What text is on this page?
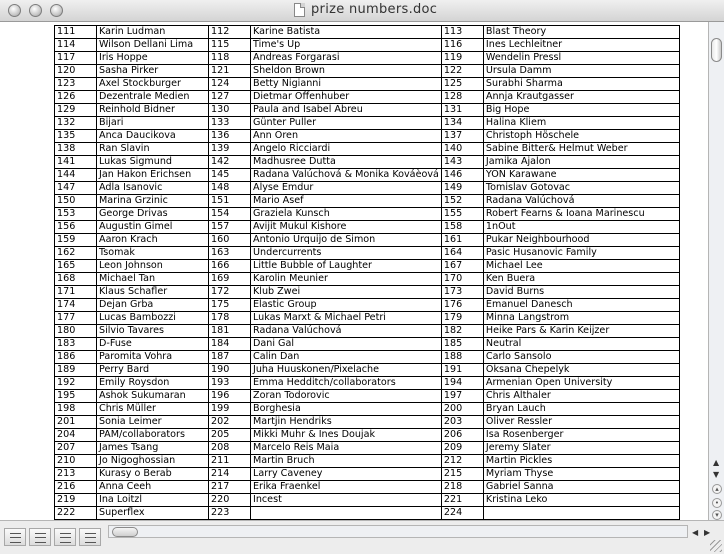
prize numbers.doc
111	Karin Ludman	112	Karine Batista	113	Blast Theory
114	Wilson Dellani Lima	115	Time's Up	116	Ines Lechleitner
117	Iris Hoppe	118	Andreas Forgarasi	119	Wendelin Pressl
120	Sasha Pirker	121	Sheldon Brown	122	Ursula Damm
123	Axel Stockburger	124	Betty Nigianni	125	Surabhi Sharma
126	Dezentrale Medien	127	Dietmar Offenhuber	128	Annja Krautgasser
129	Reinhold Bidner	130	Paula and Isabel Abreu	131	Big Hope
132	Bijari	133	Günter Puller	134	Halina Kliem
135	Anca Daucikova	136	Ann Oren	137	Christoph Höschele
138	Ran Slavin	139	Angelo Ricciardi	140	Sabine Bitter& Helmut Weber
141	Lukas Sigmund	142	Madhusree Dutta	143	Jamika Ajalon
144	Jan Hakon Erichsen	145	Radana Valúchová & Monika Kováèová	146	YON Karawane
147	Adla Isanovic	148	Alyse Emdur	149	Tomislav Gotovac
150	Marina Grzinic	151	Mario Asef	152	Radana Valúchová
153	George Drivas	154	Graziela Kunsch	155	Robert Fearns & Ioana Marinescu
156	Augustin Gimel	157	Avijit Mukul Kishore	158	1nOut
159	Aaron Krach	160	Antonio Urquijo de Simon	161	Pukar Neighbourhood
162	Tsomak	163	Undercurrents	164	Pasic Husanovic Family
165	Leon Johnson	166	Little Bubble of Laughter	167	Michael Lee
168	Michael Tan	169	Karolin Meunier	170	Ken Buera
171	Klaus Schafler	172	Klub Zwei	173	David Burns
174	Dejan Grba	175	Elastic Group	176	Emanuel Danesch
177	Lucas Bambozzi	178	Lukas Marxt & Michael Petri	179	Minna Langstrom
180	Silvio Tavares	181	Radana Valúchová	182	Heike Pars & Karin Keijzer
183	D-Fuse	184	Dani Gal	185	Neutral
186	Paromita Vohra	187	Calin Dan	188	Carlo Sansolo
189	Perry Bard	190	Juha Huuskonen/Pixelache	191	Oksana Chepelyk
192	Emily Roysdon	193	Emma Hedditch/collaborators	194	Armenian Open University
195	Ashok Sukumaran	196	Zoran Todorovic	197	Chris Althaler
198	Chris Müller	199	Borghesia	200	Bryan Lauch
201	Sonia Leimer	202	Martjin Hendriks	203	Oliver Ressler
204	PAM/collaborators	205	Mikki Muhr & Ines Doujak	206	Isa Rosenberger
207	James Tsang	208	Marcelo Reis Maia	209	Jeremy Slater
210	Jo Nigoghossian	211	Martin Bruch	212	Martin Pickles
213	Kurasy o Berab	214	Larry Caveney	215	Myriam Thyse
216	Anna Ceeh	217	Erika Fraenkel	218	Gabriel Sanna
219	Ina Loitzl	220	Incest	221	Kristina Leko
222	Superflex	223		224	
▲
▼
▴
•
▾
◀ ▶
